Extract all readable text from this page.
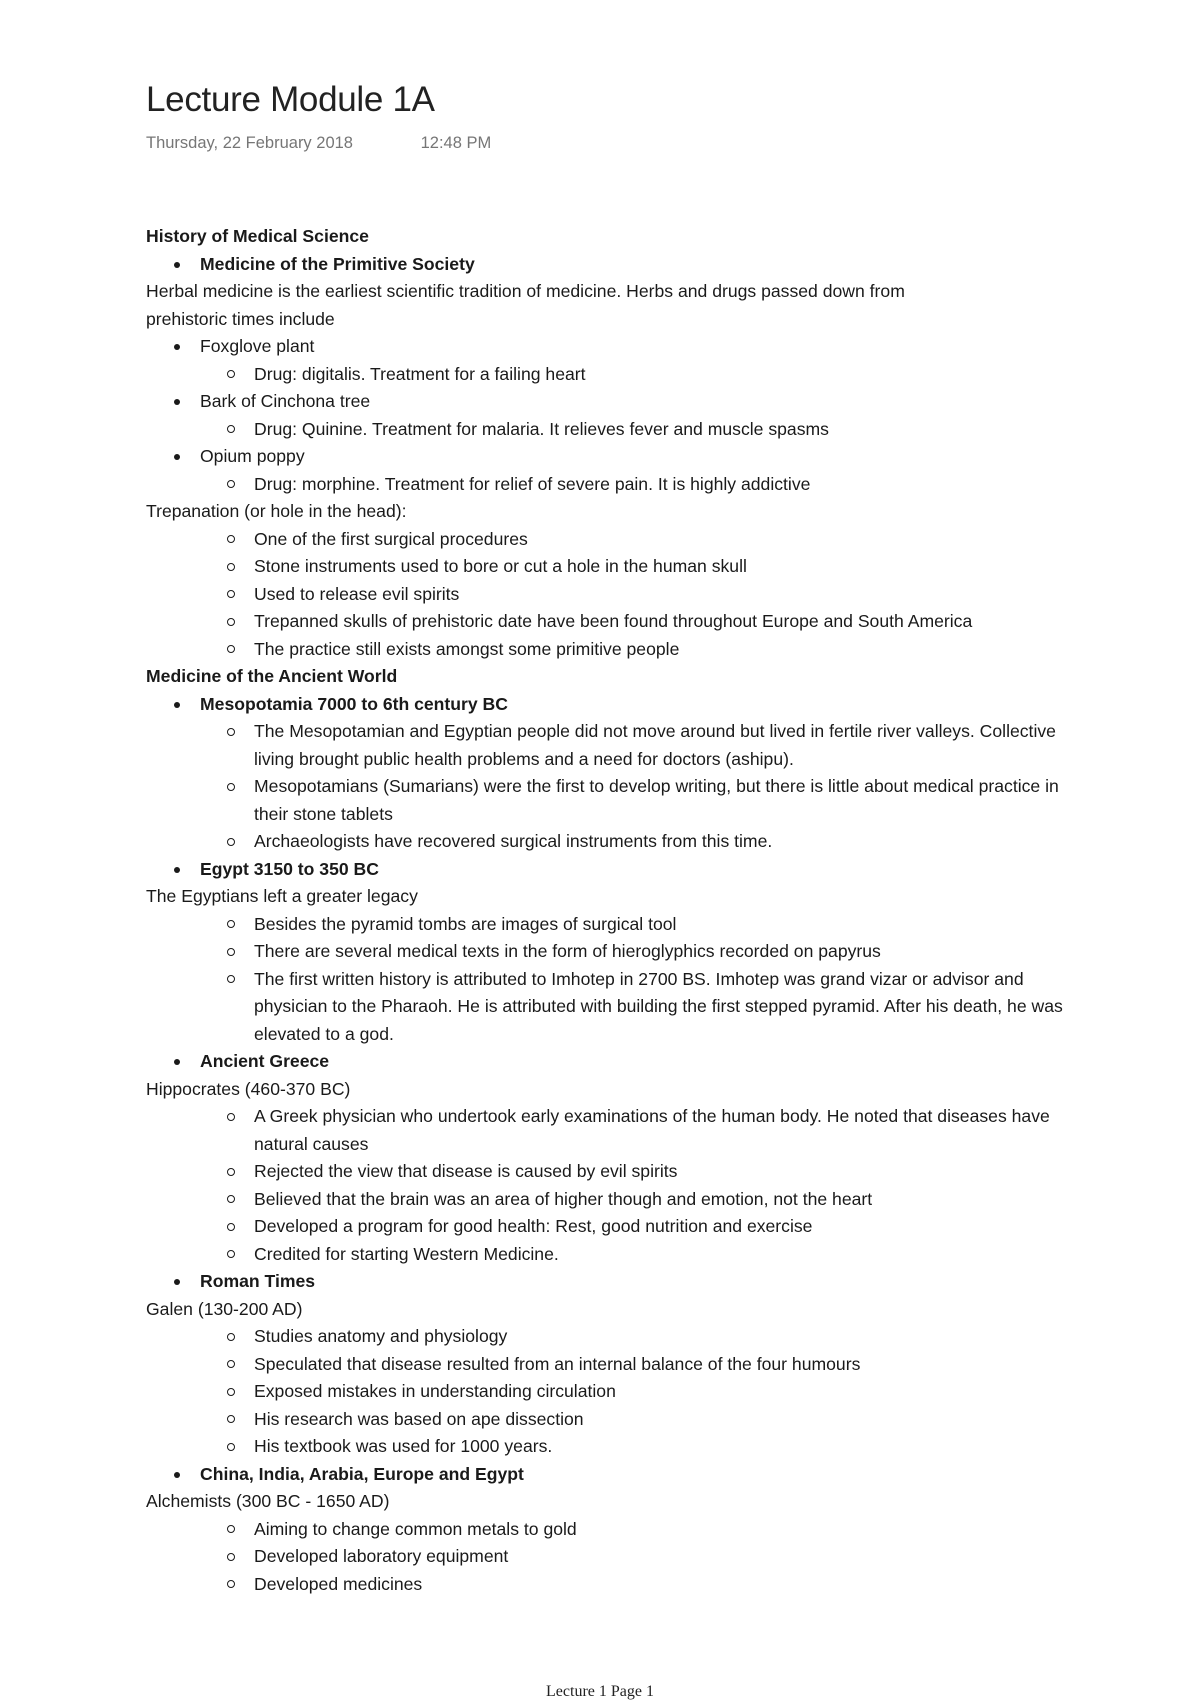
Lecture Module 1A
Thursday, 22 February 2018	12:48 PM
History of Medical Science
Medicine of the Primitive Society
Herbal medicine is the earliest scientific tradition of medicine. Herbs and drugs passed down from
prehistoric times include
Foxglove plant
Drug: digitalis. Treatment for a failing heart
Bark of Cinchona tree
Drug: Quinine. Treatment for malaria. It relieves fever and muscle spasms
Opium poppy
Drug: morphine. Treatment for relief of severe pain. It is highly addictive
Trepanation (or hole in the head):
One of the first surgical procedures
Stone instruments used to bore or cut a hole in the human skull
Used to release evil spirits
Trepanned skulls of prehistoric date have been found throughout Europe and South America
The practice still exists amongst some primitive people
Medicine of the Ancient World
Mesopotamia 7000 to 6th century BC
The Mesopotamian and Egyptian people did not move around but lived in fertile river valleys. Collective living brought public health problems and a need for doctors (ashipu).
Mesopotamians (Sumarians) were the first to develop writing, but there is little about medical practice in their stone tablets
Archaeologists have recovered surgical instruments from this time.
Egypt 3150 to 350 BC
The Egyptians left a greater legacy
Besides the pyramid tombs are images of surgical tool
There are several medical texts in the form of hieroglyphics recorded on papyrus
The first written history is attributed to Imhotep in 2700 BS. Imhotep was grand vizar or advisor and physician to the Pharaoh. He is attributed with building the first stepped pyramid. After his death, he was elevated to a god.
Ancient Greece
Hippocrates (460-370 BC)
A Greek physician who undertook early examinations of the human body. He noted that diseases have natural causes
Rejected the view that disease is caused by evil spirits
Believed that the brain was an area of higher though and emotion, not the heart
Developed a program for good health: Rest, good nutrition and exercise
Credited for starting Western Medicine.
Roman Times
Galen (130-200 AD)
Studies anatomy and physiology
Speculated that disease resulted from an internal balance of the four humours
Exposed mistakes in understanding circulation
His research was based on ape dissection
His textbook was used for 1000 years.
China, India, Arabia, Europe and Egypt
Alchemists (300 BC - 1650 AD)
Aiming to change common metals to gold
Developed laboratory equipment
Developed medicines
Lecture 1 Page 1
